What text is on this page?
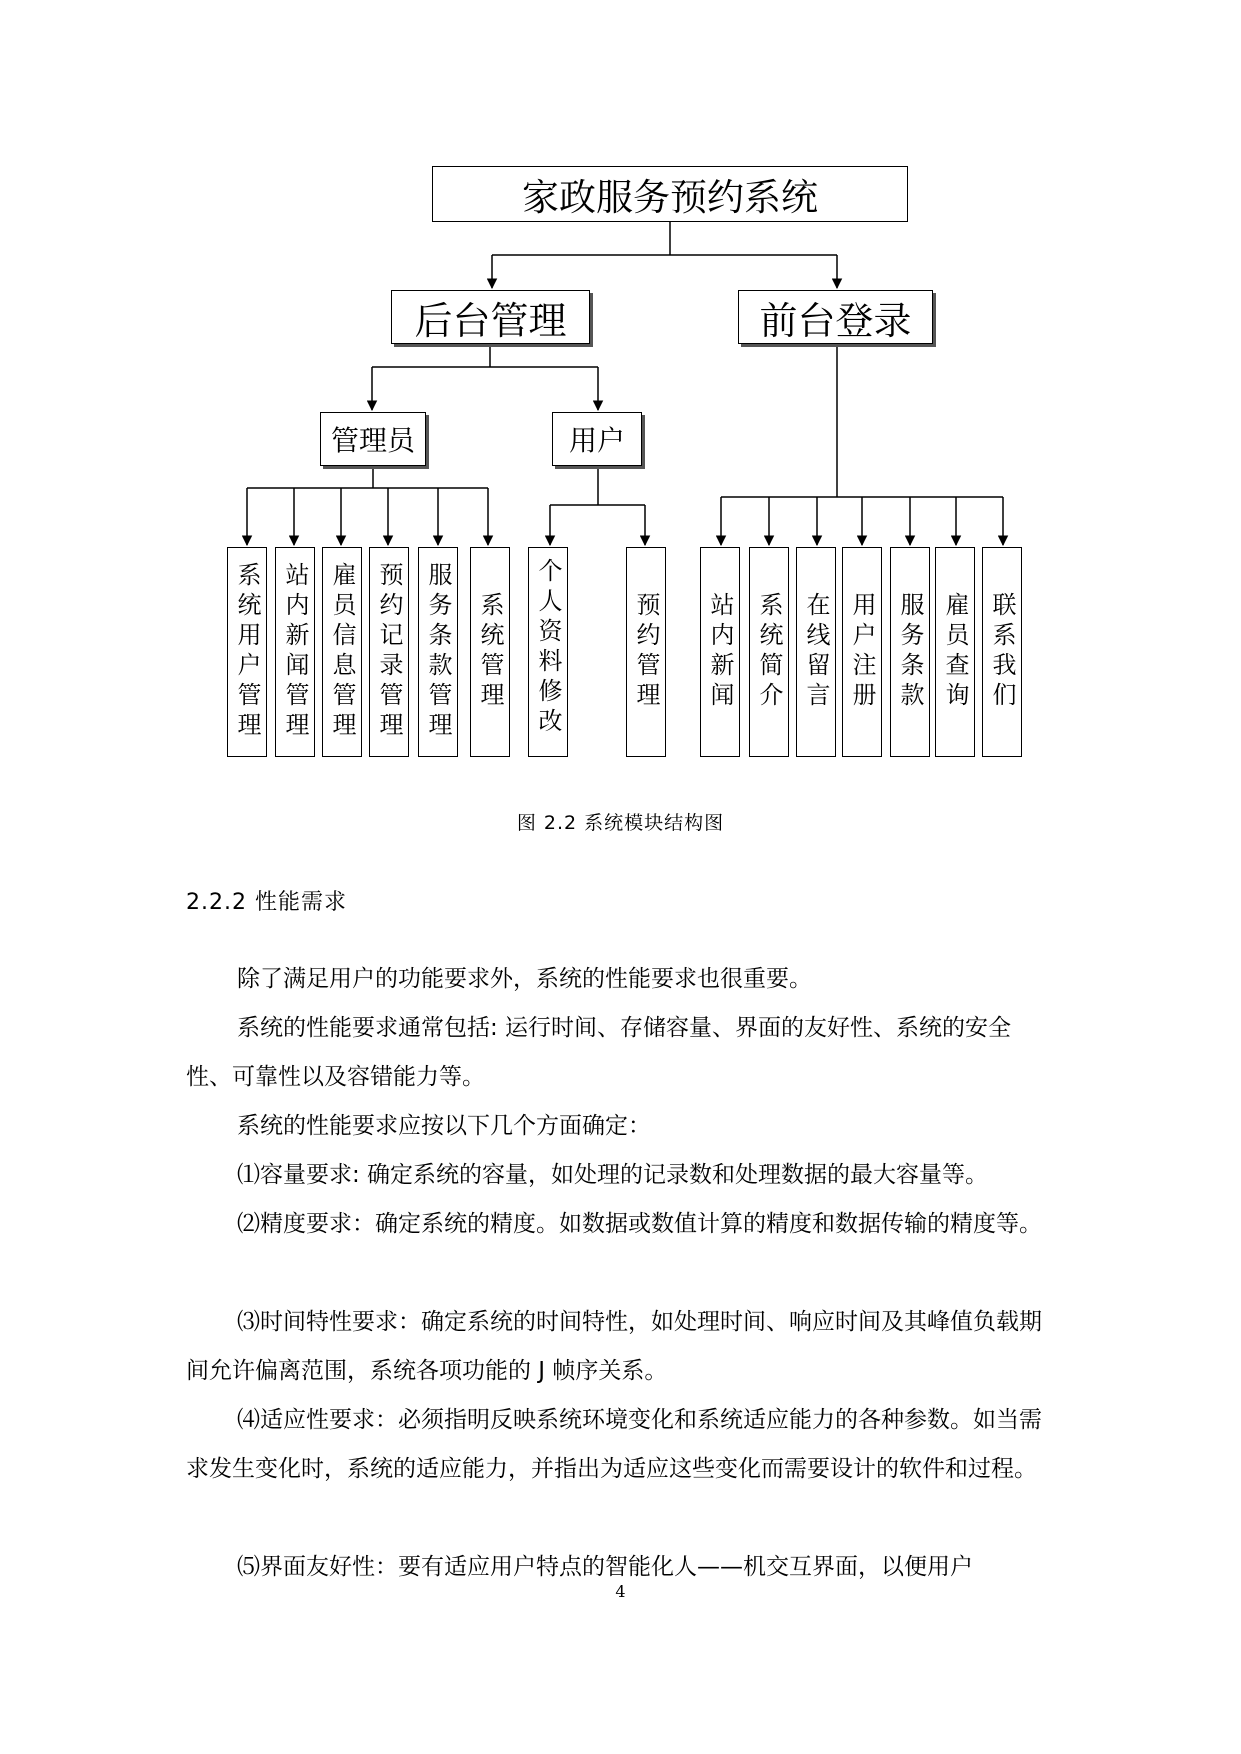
家政服务预约系统
后台管理	前台登录
管理员	用户
系统用户管理 站内新闻管理 雇员信息管理 预约记录管理 服务条款管理 系统管理 个人资料修改	预约管理 站内新闻 系统简介 在线留言 用户注册 服务条款 雇员查询 联系我们
图 2.2 系统模块结构图
2.2.2 性能需求
除了满足用户的功能要求外，系统的性能要求也很重要。
系统的性能要求通常包括: 运行时间、存储容量、界面的友好性、系统的安全性、可靠性以及容错能力等。
系统的性能要求应按以下几个方面确定：
⑴容量要求: 确定系统的容量，如处理的记录数和处理数据的最大容量等。
⑵精度要求：确定系统的精度。如数据或数值计算的精度和数据传输的精度等。
⑶时间特性要求：确定系统的时间特性，如处理时间、响应时间及其峰值负载期间允许偏离范围，系统各项功能的 J 帧序关系。
⑷适应性要求：必须指明反映系统环境变化和系统适应能力的各种参数。如当需求发生变化时，系统的适应能力，并指出为适应这些变化而需要设计的软件和过程。
⑸界面友好性：要有适应用户特点的智能化人——机交互界面，以便用户
4
